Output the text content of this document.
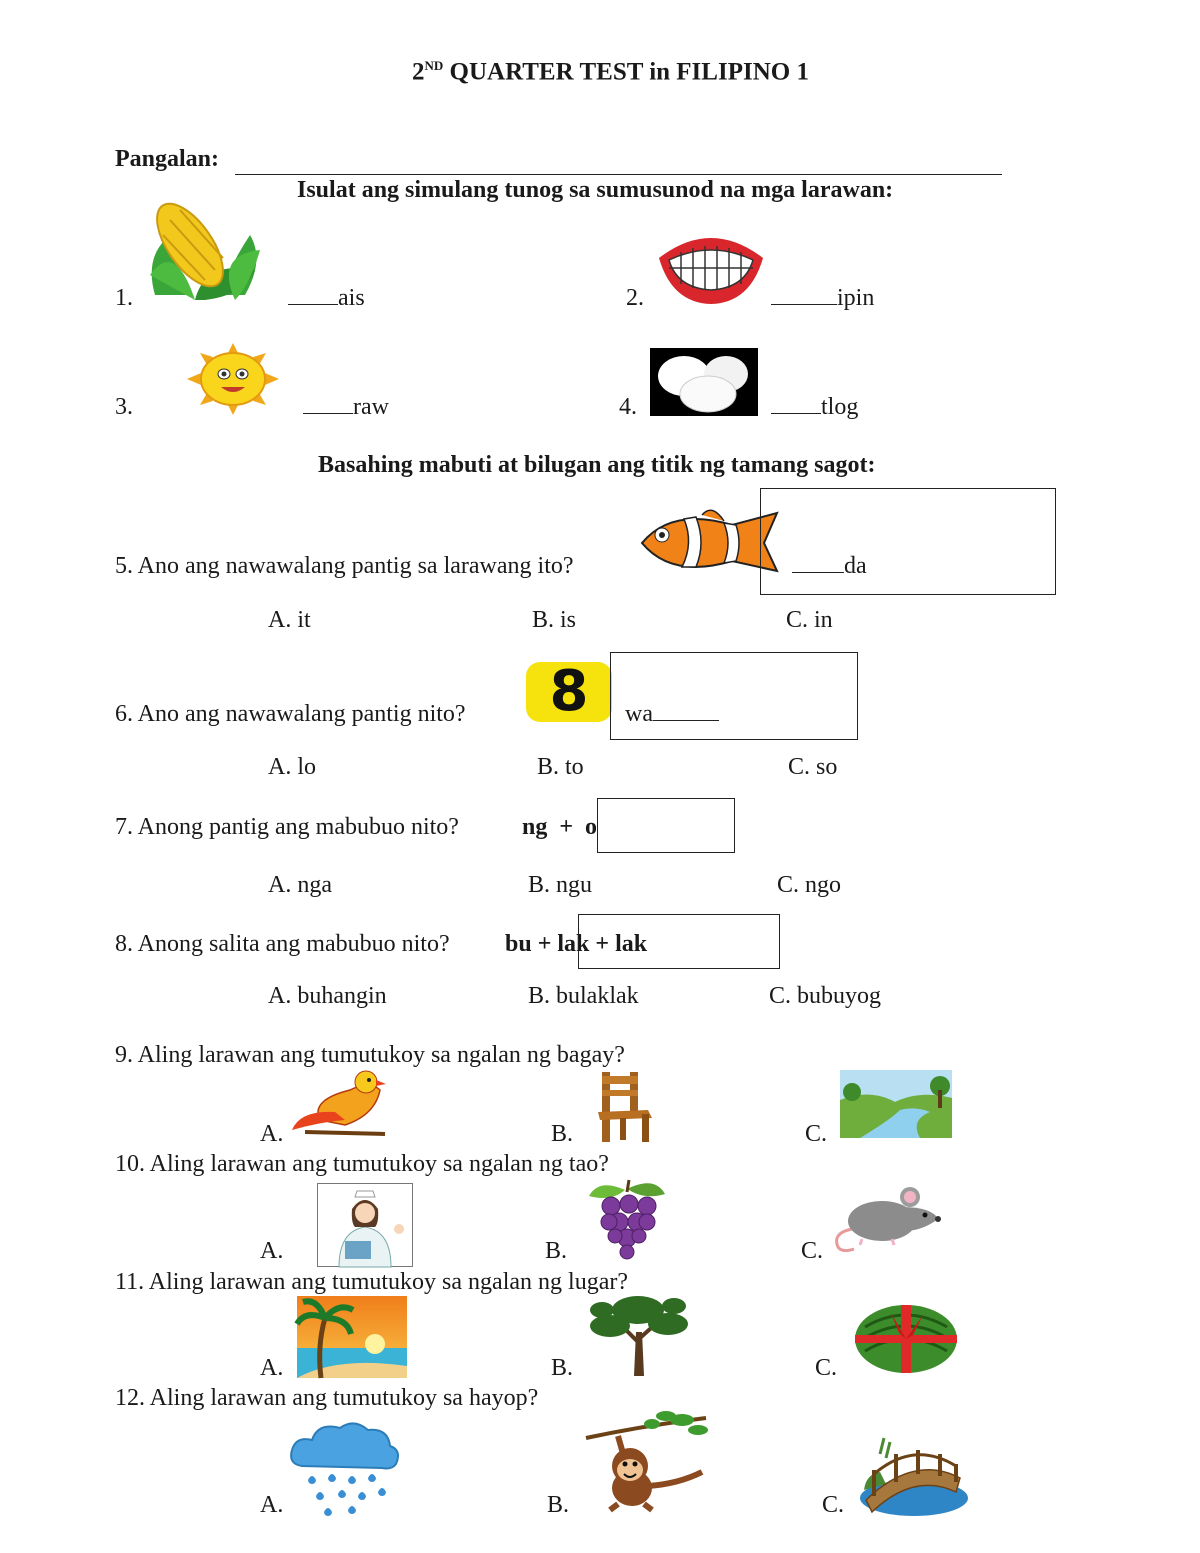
2ND QUARTER TEST in FILIPINO 1
Pangalan:
Isulat ang simulang tunog sa sumusunod na mga larawan:
1.	ais	2.	ipin
3.	raw	4.	tlog
Basahing mabuti at bilugan ang titik ng tamang sagot:
5. Ano ang nawawalang pantig sa larawang ito?	da
A. it	B. is	C. in
6. Ano ang nawawalang pantig nito?	8	wa
A. lo	B. to	C. so
7. Anong pantig ang mabubuo nito?	ng  +  o
A. nga	B. ngu	C. ngo
8. Anong salita ang mabubuo nito? bu + lak + lak
A. buhangin	B. bulaklak	C. bubuyog
9. Aling larawan ang tumutukoy sa ngalan ng bagay?
A.	B.	C.
10. Aling larawan ang tumutukoy sa ngalan ng tao?
A.	B.	C.
11. Aling larawan ang tumutukoy sa ngalan ng lugar?
A.	B.	C.
12. Aling larawan ang tumutukoy sa hayop?
A.	B.	C.
